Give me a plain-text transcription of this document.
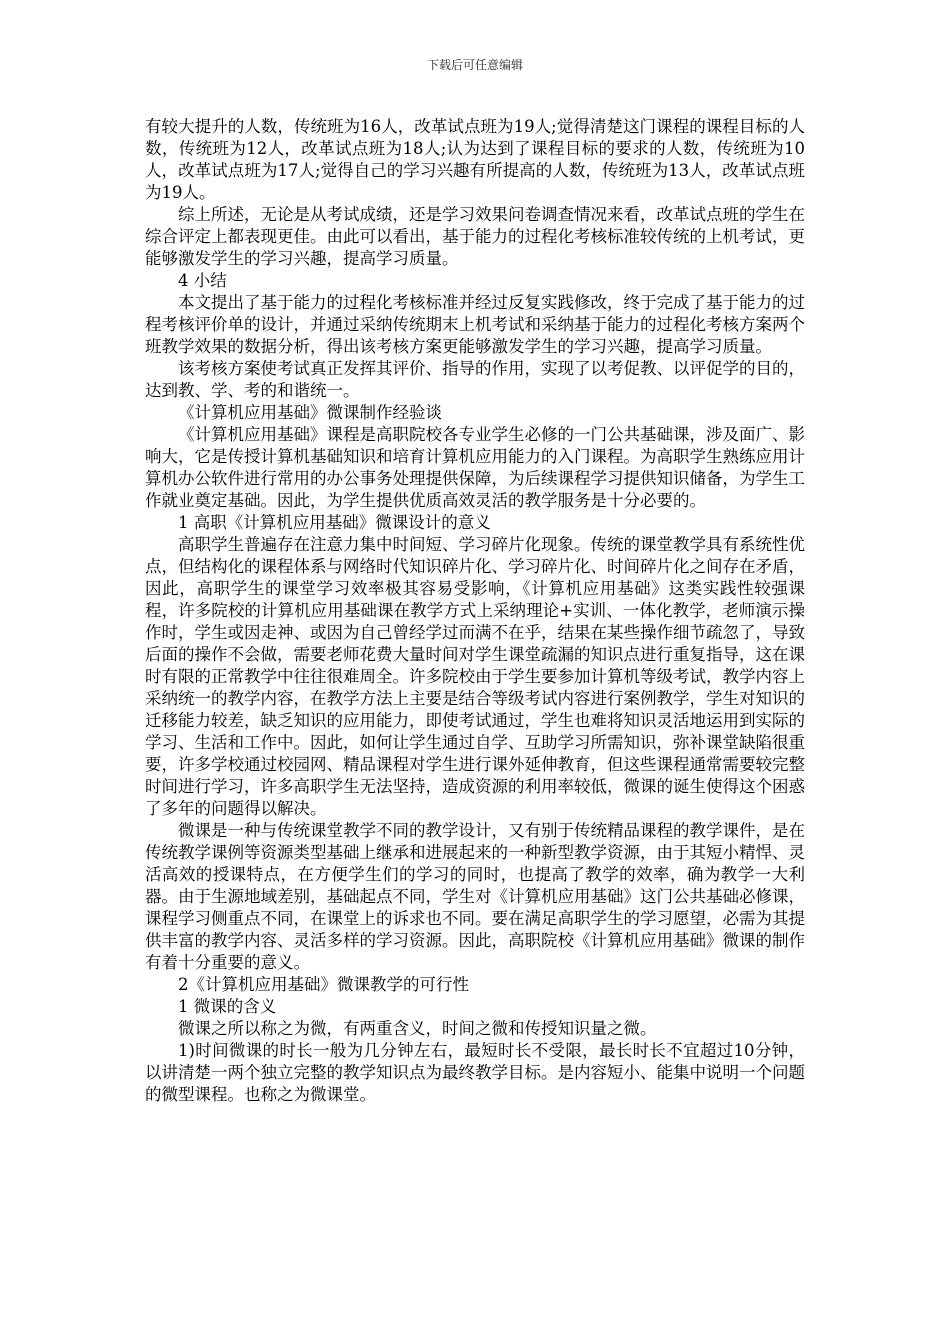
下载后可任意编辑

有较大提升的人数，传统班为16人，改革试点班为19人;觉得清楚这门课程的课程目标的人数，传统班为12人，改革试点班为18人;认为达到了课程目标的要求的人数，传统班为10人，改革试点班为17人;觉得自己的学习兴趣有所提高的人数，传统班为13人，改革试点班为19人。

综上所述，无论是从考试成绩，还是学习效果问卷调查情况来看，改革试点班的学生在综合评定上都表现更佳。由此可以看出，基于能力的过程化考核标准较传统的上机考试，更能够激发学生的学习兴趣，提高学习质量。

4 小结

本文提出了基于能力的过程化考核标准并经过反复实践修改，终于完成了基于能力的过程考核评价单的设计，并通过采纳传统期末上机考试和采纳基于能力的过程化考核方案两个班教学效果的数据分析，得出该考核方案更能够激发学生的学习兴趣，提高学习质量。

该考核方案使考试真正发挥其评价、指导的作用，实现了以考促教、以评促学的目的，达到教、学、考的和谐统一。

《计算机应用基础》微课制作经验谈

《计算机应用基础》课程是高职院校各专业学生必修的一门公共基础课，涉及面广、影响大，它是传授计算机基础知识和培育计算机应用能力的入门课程。为高职学生熟练应用计算机办公软件进行常用的办公事务处理提供保障，为后续课程学习提供知识储备，为学生工作就业奠定基础。因此，为学生提供优质高效灵活的教学服务是十分必要的。

1 高职《计算机应用基础》微课设计的意义

高职学生普遍存在注意力集中时间短、学习碎片化现象。传统的课堂教学具有系统性优点，但结构化的课程体系与网络时代知识碎片化、学习碎片化、时间碎片化之间存在矛盾，因此，高职学生的课堂学习效率极其容易受影响，《计算机应用基础》这类实践性较强课程，许多院校的计算机应用基础课在教学方式上采纳理论+实训、一体化教学，老师演示操作时，学生或因走神、或因为自己曾经学过而满不在乎，结果在某些操作细节疏忽了，导致后面的操作不会做，需要老师花费大量时间对学生课堂疏漏的知识点进行重复指导，这在课时有限的正常教学中往往很难周全。许多院校由于学生要参加计算机等级考试，教学内容上采纳统一的教学内容，在教学方法上主要是结合等级考试内容进行案例教学，学生对知识的迁移能力较差，缺乏知识的应用能力，即使考试通过，学生也难将知识灵活地运用到实际的学习、生活和工作中。因此，如何让学生通过自学、互助学习所需知识，弥补课堂缺陷很重要，许多学校通过校园网、精品课程对学生进行课外延伸教育，但这些课程通常需要较完整时间进行学习，许多高职学生无法坚持，造成资源的利用率较低，微课的诞生使得这个困惑了多年的问题得以解决。

微课是一种与传统课堂教学不同的教学设计，又有别于传统精品课程的教学课件，是在传统教学课例等资源类型基础上继承和进展起来的一种新型教学资源，由于其短小精悍、灵活高效的授课特点，在方便学生们的学习的同时，也提高了教学的效率，确为教学一大利器。由于生源地域差别，基础起点不同，学生对《计算机应用基础》这门公共基础必修课，课程学习侧重点不同，在课堂上的诉求也不同。要在满足高职学生的学习愿望，必需为其提供丰富的教学内容、灵活多样的学习资源。因此，高职院校《计算机应用基础》微课的制作有着十分重要的意义。

2《计算机应用基础》微课教学的可行性

1 微课的含义

微课之所以称之为微，有两重含义，时间之微和传授知识量之微。

1)时间微课的时长一般为几分钟左右，最短时长不受限，最长时长不宜超过10分钟，以讲清楚一两个独立完整的教学知识点为最终教学目标。是内容短小、能集中说明一个问题的微型课程。也称之为微课堂。
